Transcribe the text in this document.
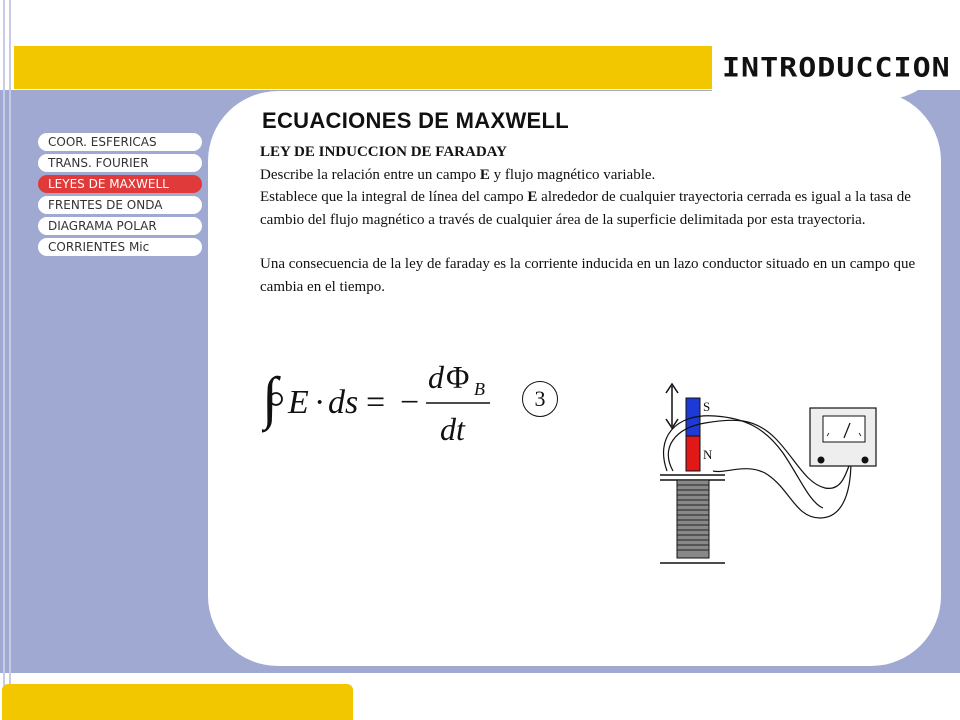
INTRODUCCION
ECUACIONES DE MAXWELL
COOR. ESFERICAS
TRANS. FOURIER
LEYES DE MAXWELL
FRENTES DE ONDA
DIAGRAMA POLAR
CORRIENTES Mic

LEY DE INDUCCION DE FARADAY

Describe la relación entre un campo E y flujo magnético variable.

Establece que la integral de línea del campo E alrededor de cualquier trayectoria cerrada es igual a la tasa de cambio del flujo magnético a través de cualquier área de la superficie delimitada por esta trayectoria.

Una consecuencia de la ley de faraday es la corriente inducida en un lazo conductor situado en un campo que cambia en el tiempo.

∫ E · ds = −
d Φ B
dt
3	S
N
